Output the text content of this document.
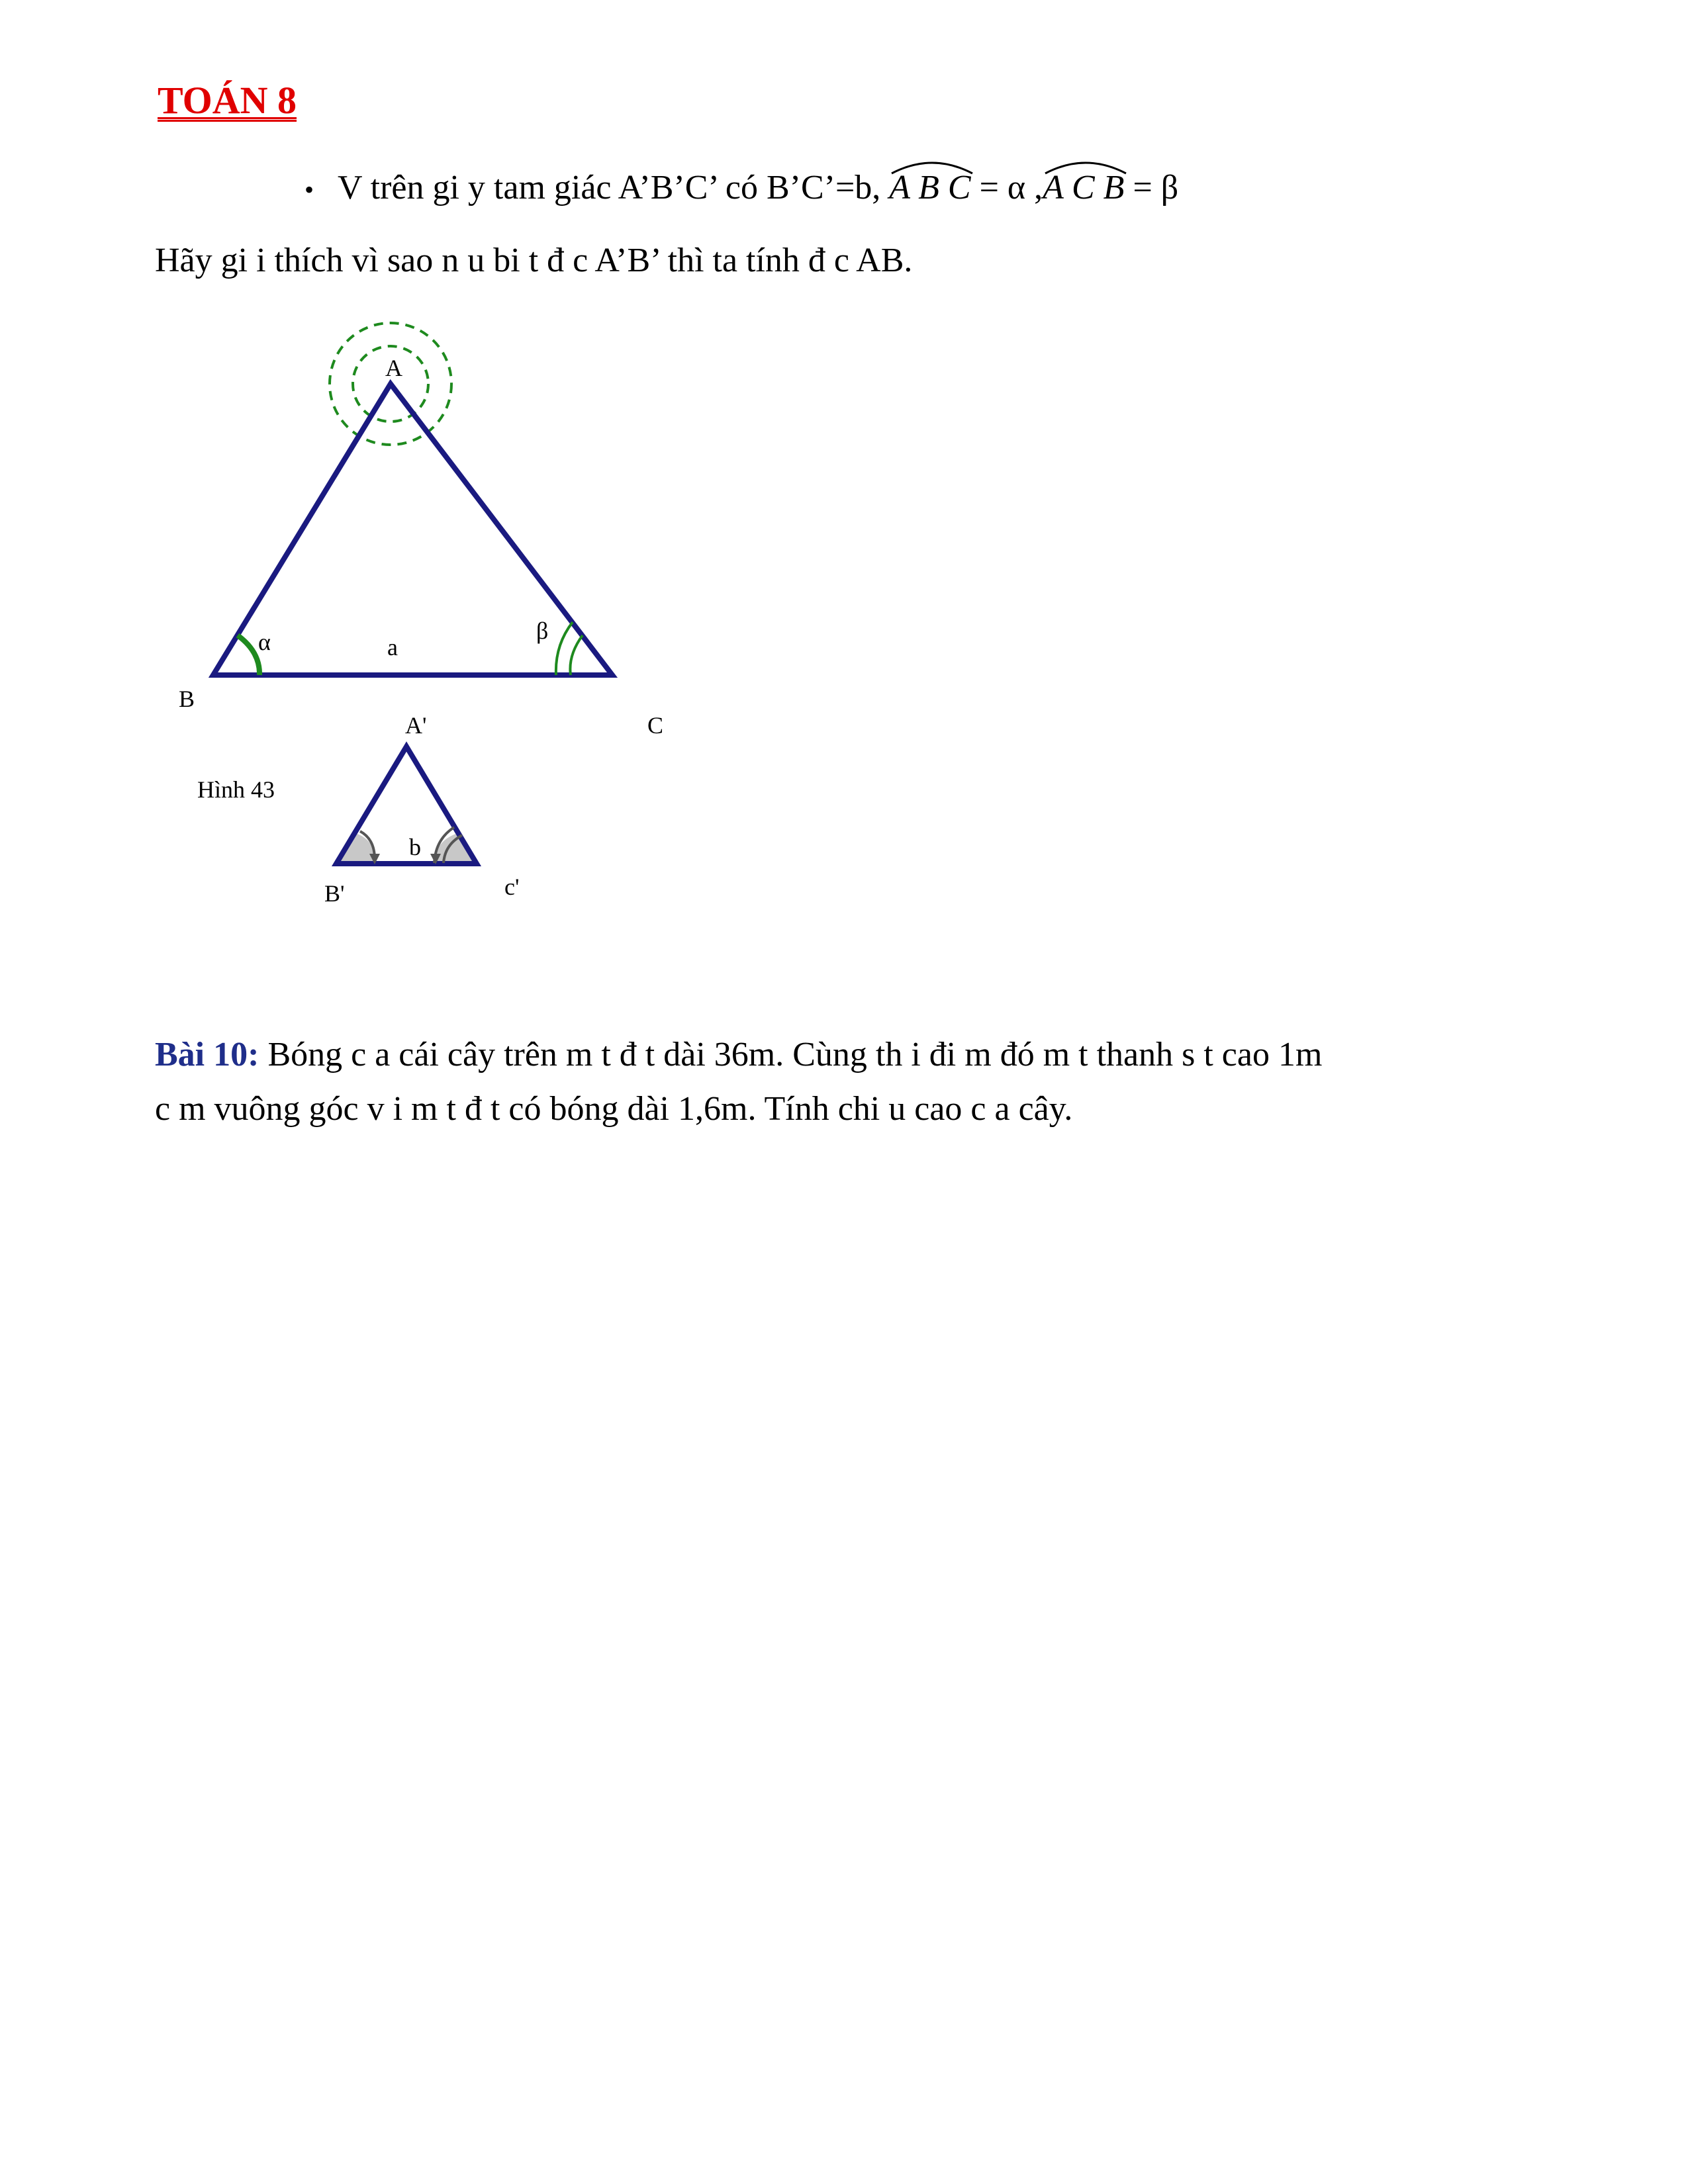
TOÁN 8
• V trên gi y tam giác A’B’C’ có B’C’=b,
A B C = α ,
A C B = β
Hãy gi i thích vì sao n u bi t đ c A’B’ thì ta tính đ c AB.
A
B
C
α	β
a
Hình 43
A'
B'	c'
b
Bài 10: Bóng c a cái cây trên m t đ t dài 36m. Cùng th i đi m đó m t thanh s t cao 1m
c m vuông góc v i m t đ t có bóng dài 1,6m. Tính chi u cao c a cây.
